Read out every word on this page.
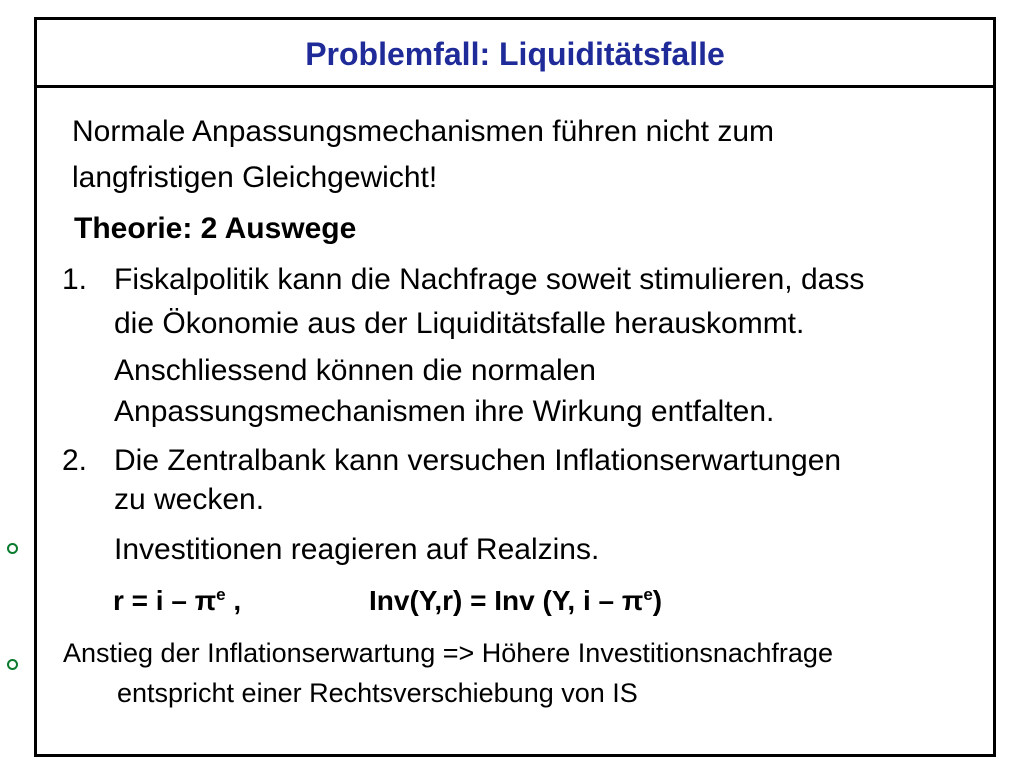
Problemfall: Liquiditätsfalle
Normale Anpassungsmechanismen führen nicht zum
langfristigen Gleichgewicht!
Theorie: 2 Auswege
1. Fiskalpolitik kann die Nachfrage soweit stimulieren, dass
die Ökonomie aus der Liquiditätsfalle herauskommt.
Anschliessend können die normalen
Anpassungsmechanismen ihre Wirkung entfalten.
2. Die Zentralbank kann versuchen Inflationserwartungen
zu wecken.
Investitionen reagieren auf Realzins.
$r = i - \pi^e$ ,	Inv(Y,r) = Inv (Y, i – $\pi^e$)
Anstieg der Inflationserwartung => Höhere Investitionsnachfrage
entspricht einer Rechtsverschiebung von IS
